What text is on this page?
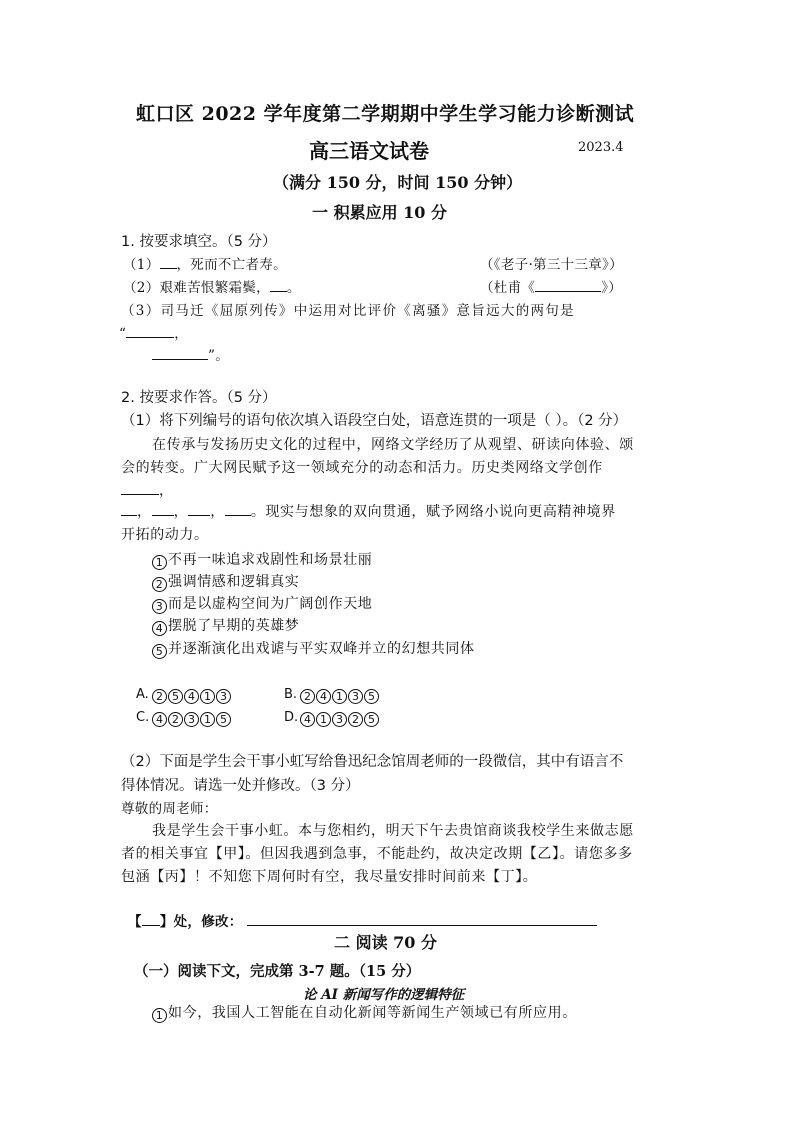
虹口区 2022 学年度第二学期期中学生学习能力诊断测试
高三语文试卷	2023.4
（满分 150 分，时间 150 分钟）
一 积累应用 10 分
1. 按要求填空。（5 分）
（1） ，死而不亡者寿。	（《老子·第三十三章》）
（2）艰难苦恨繁霜鬓， 。	（杜甫《	》）
（3）司马迁《屈原列传》中运用对比评价《离骚》意旨远大的两句是
“	，
”。
2. 按要求作答。（5 分）
（1）将下列编号的语句依次填入语段空白处，语意连贯的一项是（ ）。（2 分）
在传承与发扬历史文化的过程中，网络文学经历了从观望、研读向体验、颂
会的转变。广大网民赋予这一领域充分的动态和活力。历史类网络文学创作
，
， ， ， 。现实与想象的双向贯通，赋予网络小说向更高精神境界
开拓的动力。
1 不再一味追求戏剧性和场景壮丽
2 强调情感和逻辑真实
3 而是以虚构空间为广阔创作天地
4 摆脱了早期的英雄梦
5 并逐渐演化出戏谑与平实双峰并立的幻想共同体
A. 2 5 4 1 3	B. 2 4 1 3 5
C. 4 2 3 1 5	D. 4 1 3 2 5
（2）下面是学生会干事小虹写给鲁迅纪念馆周老师的一段微信，其中有语言不
得体情况。请选一处并修改。（3 分）
尊敬的周老师：
我是学生会干事小虹。本与您相约，明天下午去贵馆商谈我校学生来做志愿
者的相关事宜【甲】。但因我遇到急事，不能赴约，故决定改期【乙】。请您多多
包涵【丙】！不知您下周何时有空，我尽量安排时间前来【丁】。
【 】处，修改：
二 阅读 70 分
（一）阅读下文，完成第 3-7 题。（15 分）
论 AI 新闻写作的逻辑特征
1 如今，我国人工智能在自动化新闻等新闻生产领域已有所应用。
